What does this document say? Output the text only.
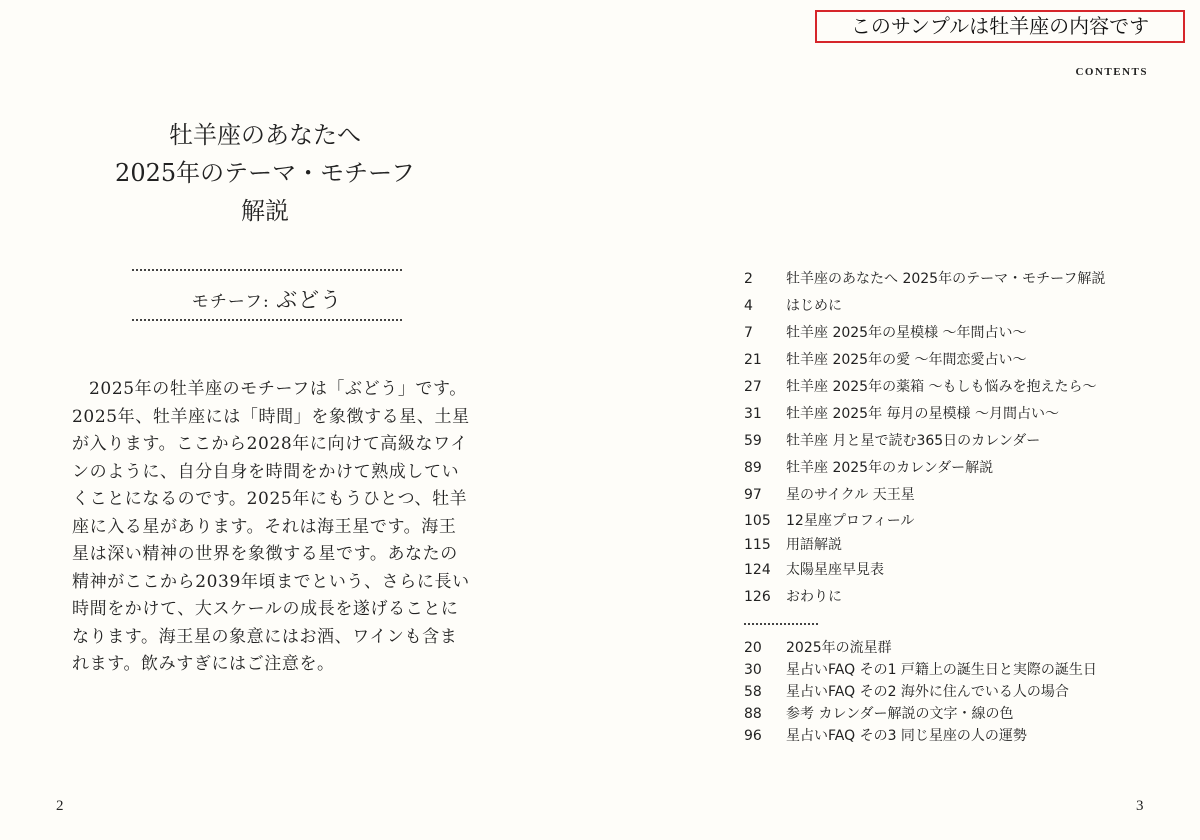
このサンプルは牡羊座の内容です
CONTENTS
牡羊座のあなたへ
2025年のテーマ・モチーフ
解説
モチーフ: ぶどう
2025年の牡羊座のモチーフは「ぶどう」です。
2025年、牡羊座には「時間」を象徴する星、土星
が入ります。ここから2028年に向けて高級なワイ
ンのように、自分自身を時間をかけて熟成してい
くことになるのです。2025年にもうひとつ、牡羊
座に入る星があります。それは海王星です。海王
星は深い精神の世界を象徴する星です。あなたの
精神がここから2039年頃までという、さらに長い
時間をかけて、大スケールの成長を遂げることに
なります。海王星の象意にはお酒、ワインも含ま
れます。飲みすぎにはご注意を。
2
2	牡羊座のあなたへ 2025年のテーマ・モチーフ解説
4	はじめに
7	牡羊座 2025年の星模様 〜年間占い〜
21	牡羊座 2025年の愛 〜年間恋愛占い〜
27	牡羊座 2025年の薬箱 〜もしも悩みを抱えたら〜
31	牡羊座 2025年 毎月の星模様 〜月間占い〜
59	牡羊座 月と星で読む365日のカレンダー
89	牡羊座 2025年のカレンダー解説
97	星のサイクル 天王星
105	12星座プロフィール
115	用語解説
124	太陽星座早見表
126	おわりに
20	2025年の流星群
30	星占いFAQ その1 戸籍上の誕生日と実際の誕生日
58	星占いFAQ その2 海外に住んでいる人の場合
88	参考 カレンダー解説の文字・線の色
96	星占いFAQ その3 同じ星座の人の運勢
3
